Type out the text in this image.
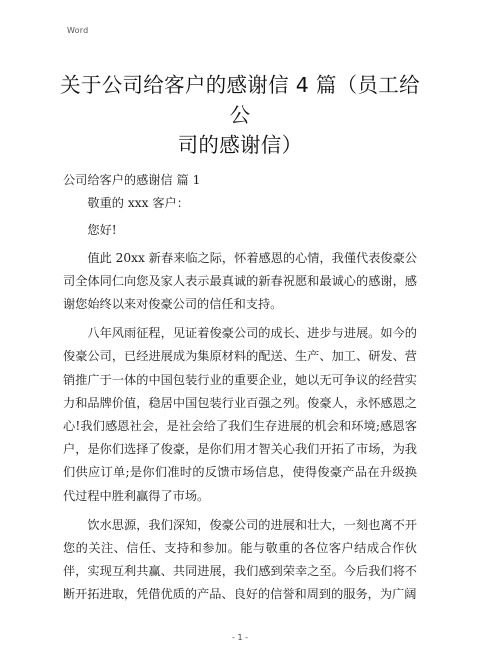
Word
关于公司给客户的感谢信 4 篇（员工给公
司的感谢信）

公司给客户的感谢信 篇 1

敬重的 xxx 客户：

您好!

值此 20xx 新春来临之际，怀着感恩的心情，我僅代表俊豪公司全体同仁向您及家人表示最真诚的新春祝愿和最诚心的感谢，感谢您始终以来对俊豪公司的信任和支持。

八年风雨征程，见证着俊豪公司的成长、进步与进展。如今的俊豪公司，已经进展成为集原材料的配送、生产、加工、研发、营销推广于一体的中国包装行业的重要企业，她以无可争议的经营实力和品牌价值，稳居中国包装行业百强之列。俊豪人，永怀感恩之心!我们感恩社会，是社会给了我们生存进展的机会和环境;感恩客户，是你们选择了俊豪，是你们用才智关心我们开拓了市场，为我们供应订单;是你们准时的反馈市场信息，使得俊豪产品在升级换代过程中胜利赢得了市场。

饮水思源，我们深知，俊豪公司的进展和壮大，一刻也离不开您的关注、信任、支持和参加。能与敬重的各位客户结成合作伙伴，实现互利共赢、共同进展，我们感到荣幸之至。今后我们将不断开拓进取，凭借优质的产品、良好的信誉和周到的服务，为广阔

- 1 -
